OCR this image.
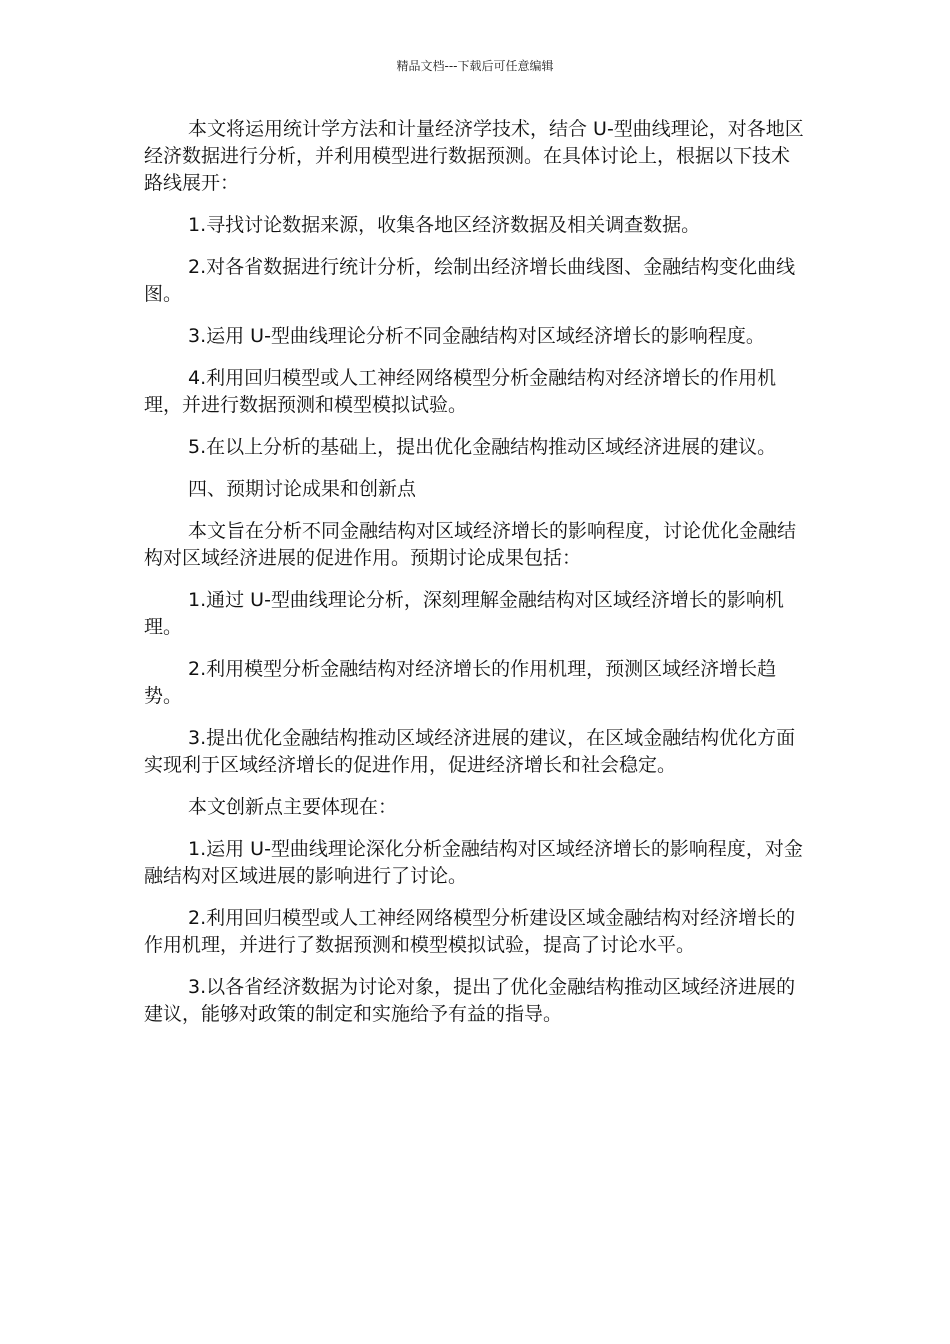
精品文档---下载后可任意编辑

本文将运用统计学方法和计量经济学技术，结合 U-型曲线理论，对各地区经济数据进行分析，并利用模型进行数据预测。在具体讨论上，根据以下技术路线展开：

1.寻找讨论数据来源，收集各地区经济数据及相关调查数据。

2.对各省数据进行统计分析，绘制出经济增长曲线图、金融结构变化曲线图。

3.运用 U-型曲线理论分析不同金融结构对区域经济增长的影响程度。

4.利用回归模型或人工神经网络模型分析金融结构对经济增长的作用机理，并进行数据预测和模型模拟试验。

5.在以上分析的基础上，提出优化金融结构推动区域经济进展的建议。

四、预期讨论成果和创新点

本文旨在分析不同金融结构对区域经济增长的影响程度，讨论优化金融结构对区域经济进展的促进作用。预期讨论成果包括：

1.通过 U-型曲线理论分析，深刻理解金融结构对区域经济增长的影响机理。

2.利用模型分析金融结构对经济增长的作用机理，预测区域经济增长趋势。

3.提出优化金融结构推动区域经济进展的建议，在区域金融结构优化方面实现利于区域经济增长的促进作用，促进经济增长和社会稳定。

本文创新点主要体现在：

1.运用 U-型曲线理论深化分析金融结构对区域经济增长的影响程度，对金融结构对区域进展的影响进行了讨论。

2.利用回归模型或人工神经网络模型分析建设区域金融结构对经济增长的作用机理，并进行了数据预测和模型模拟试验，提高了讨论水平。

3.以各省经济数据为讨论对象，提出了优化金融结构推动区域经济进展的建议，能够对政策的制定和实施给予有益的指导。
